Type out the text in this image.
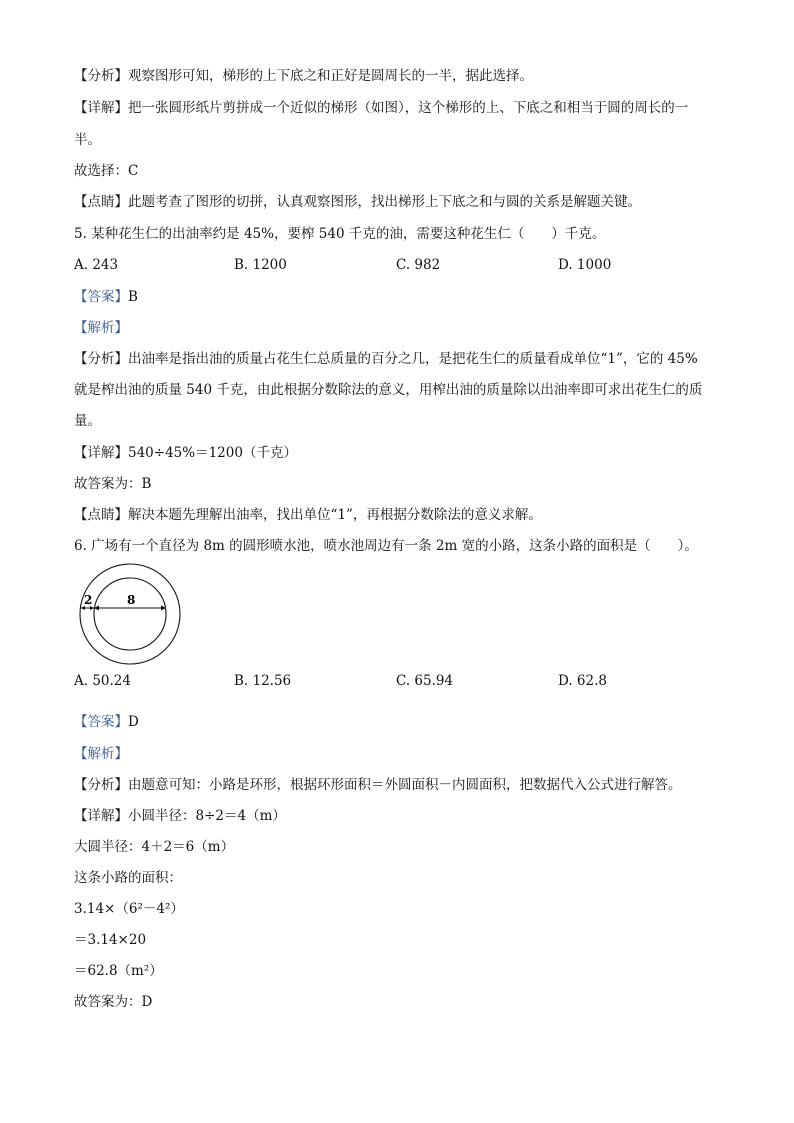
【分析】观察图形可知，梯形的上下底之和正好是圆周长的一半，据此选择。
【详解】把一张圆形纸片剪拼成一个近似的梯形（如图），这个梯形的上、下底之和相当于圆的周长的一
半。
故选择：C
【点睛】此题考查了图形的切拼，认真观察图形，找出梯形上下底之和与圆的关系是解题关键。
5. 某种花生仁的出油率约是 45%，要榨 540 千克的油，需要这种花生仁（　　）千克。
A. 243	B. 1200	C. 982	D. 1000
【答案】B
【解析】
【分析】出油率是指出油的质量占花生仁总质量的百分之几，是把花生仁的质量看成单位“1”，它的 45%
就是榨出油的质量 540 千克，由此根据分数除法的意义，用榨出油的质量除以出油率即可求出花生仁的质
量。
【详解】540÷45%＝1200（千克）
故答案为：B
【点睛】解决本题先理解出油率，找出单位“1”，再根据分数除法的意义求解。
6. 广场有一个直径为 8m 的圆形喷水池，喷水池周边有一条 2m 宽的小路，这条小路的面积是（　　）。
2	8
A. 50.24	B. 12.56	C. 65.94	D. 62.8
【答案】D
【解析】
【分析】由题意可知：小路是环形，根据环形面积＝外圆面积－内圆面积，把数据代入公式进行解答。
【详解】小圆半径：8÷2＝4（m）
大圆半径：4＋2＝6（m）
这条小路的面积：
3.14×（6²－4²）
＝3.14×20
＝62.8（m²）
故答案为：D
